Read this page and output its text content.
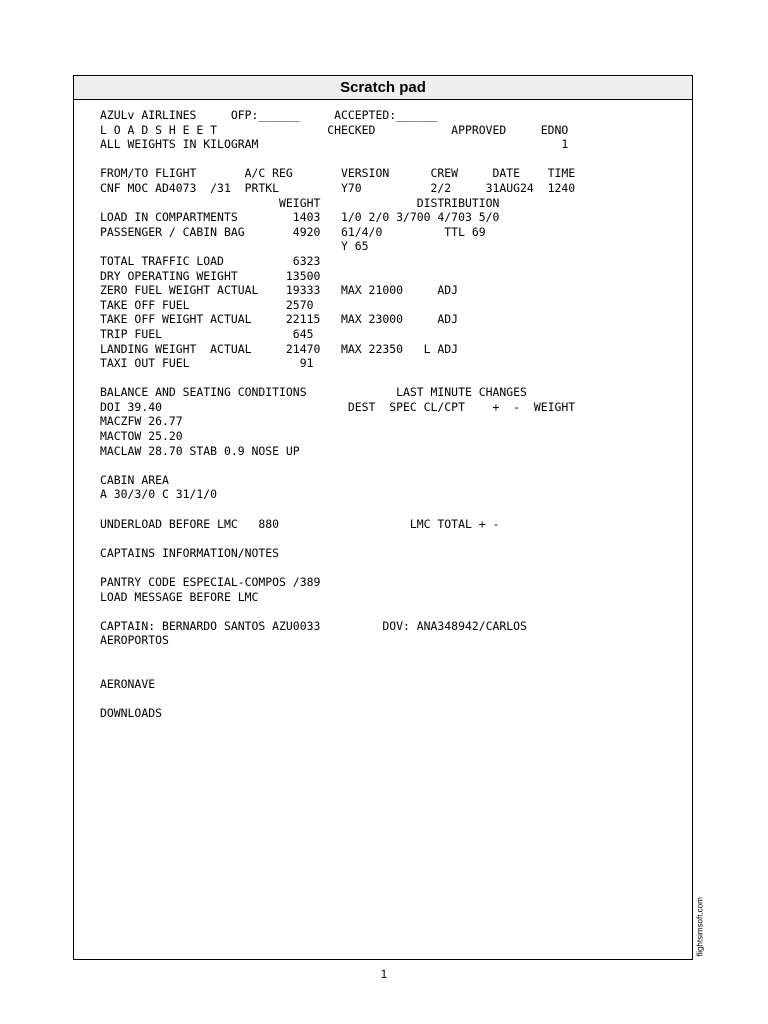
Scratch pad
AZULv AIRLINES     OFP:______     ACCEPTED:______
L O A D S H E E T                CHECKED           APPROVED     EDNO
ALL WEIGHTS IN KILOGRAM                                            1
FROM/TO FLIGHT       A/C REG       VERSION      CREW     DATE    TIME
CNF MOC AD4073  /31  PRTKL         Y70          2/2     31AUG24  1240
WEIGHT              DISTRIBUTION
LOAD IN COMPARTMENTS        1403   1/0 2/0 3/700 4/703 5/0
PASSENGER / CABIN BAG       4920   61/4/0         TTL 69
Y 65
TOTAL TRAFFIC LOAD          6323
DRY OPERATING WEIGHT       13500
ZERO FUEL WEIGHT ACTUAL    19333   MAX 21000     ADJ
TAKE OFF FUEL              2570
TAKE OFF WEIGHT ACTUAL     22115   MAX 23000     ADJ
TRIP FUEL                   645
LANDING WEIGHT  ACTUAL     21470   MAX 22350   L ADJ
TAXI OUT FUEL                91
BALANCE AND SEATING CONDITIONS             LAST MINUTE CHANGES
DOI 39.40                           DEST  SPEC CL/CPT    +  -  WEIGHT
MACZFW 26.77
MACTOW 25.20
MACLAW 28.70 STAB 0.9 NOSE UP
CABIN AREA
A 30/3/0 C 31/1/0
UNDERLOAD BEFORE LMC   880                   LMC TOTAL + -
CAPTAINS INFORMATION/NOTES
PANTRY CODE ESPECIAL-COMPOS /389
LOAD MESSAGE BEFORE LMC
CAPTAIN: BERNARDO SANTOS AZU0033         DOV: ANA348942/CARLOS
AEROPORTOS
AERONAVE
DOWNLOADS
flightsimsoft.com
1
